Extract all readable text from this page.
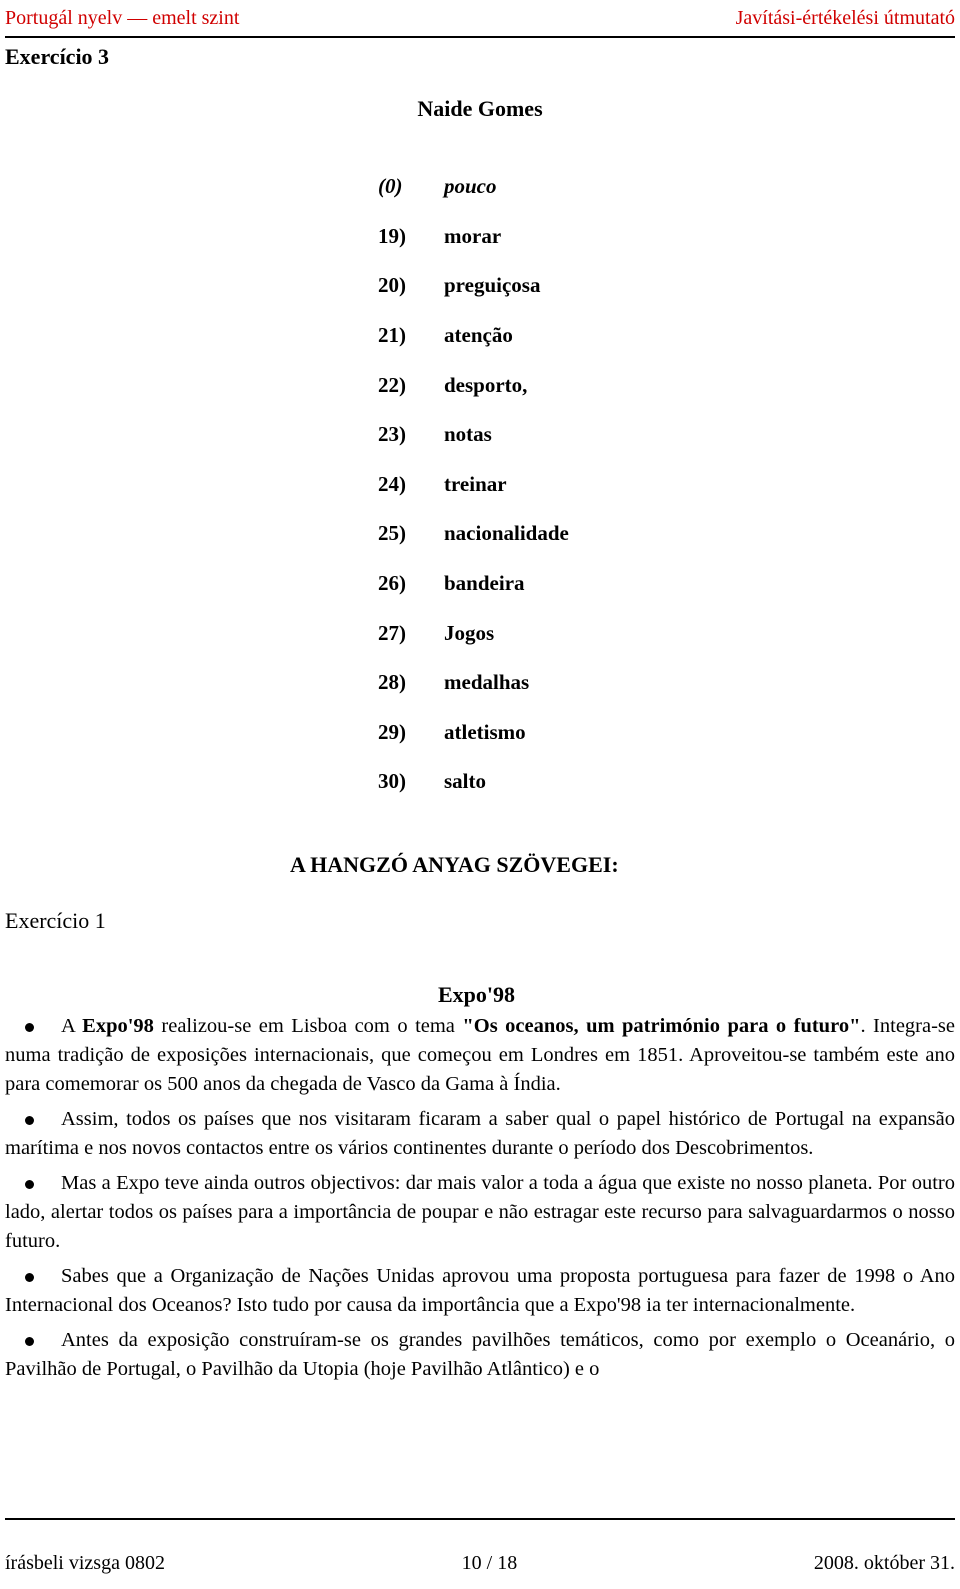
Portugál nyelv — emelt szint	Javítási-értékelési útmutató
Exercício 3
Naide Gomes
(0)	pouco
19)	morar
20)	preguiçosa
21)	atenção
22)	desporto,
23)	notas
24)	treinar
25)	nacionalidade
26)	bandeira
27)	Jogos
28)	medalhas
29)	atletismo
30)	salto
A HANGZÓ ANYAG SZÖVEGEI:
Exercício 1
Expo'98

A Expo'98 realizou-se em Lisboa com o tema "Os oceanos, um património para o futuro". Integra-se numa tradição de exposições internacionais, que começou em Londres em 1851. Aproveitou-se também este ano para comemorar os 500 anos da chegada de Vasco da Gama à Índia.

Assim, todos os países que nos visitaram ficaram a saber qual o papel histórico de Portugal na expansão marítima e nos novos contactos entre os vários continentes durante o período dos Descobrimentos.

Mas a Expo teve ainda outros objectivos: dar mais valor a toda a água que existe no nosso planeta. Por outro lado, alertar todos os países para a importância de poupar e não estragar este recurso para salvaguardarmos o nosso futuro.

Sabes que a Organização de Nações Unidas aprovou uma proposta portuguesa para fazer de 1998 o Ano Internacional dos Oceanos? Isto tudo por causa da importância que a Expo'98 ia ter internacionalmente.

Antes da exposição construíram-se os grandes pavilhões temáticos, como por exemplo o Oceanário, o Pavilhão de Portugal, o Pavilhão da Utopia (hoje Pavilhão Atlântico) e o

írásbeli vizsga 0802	10 / 18	2008. október 31.
